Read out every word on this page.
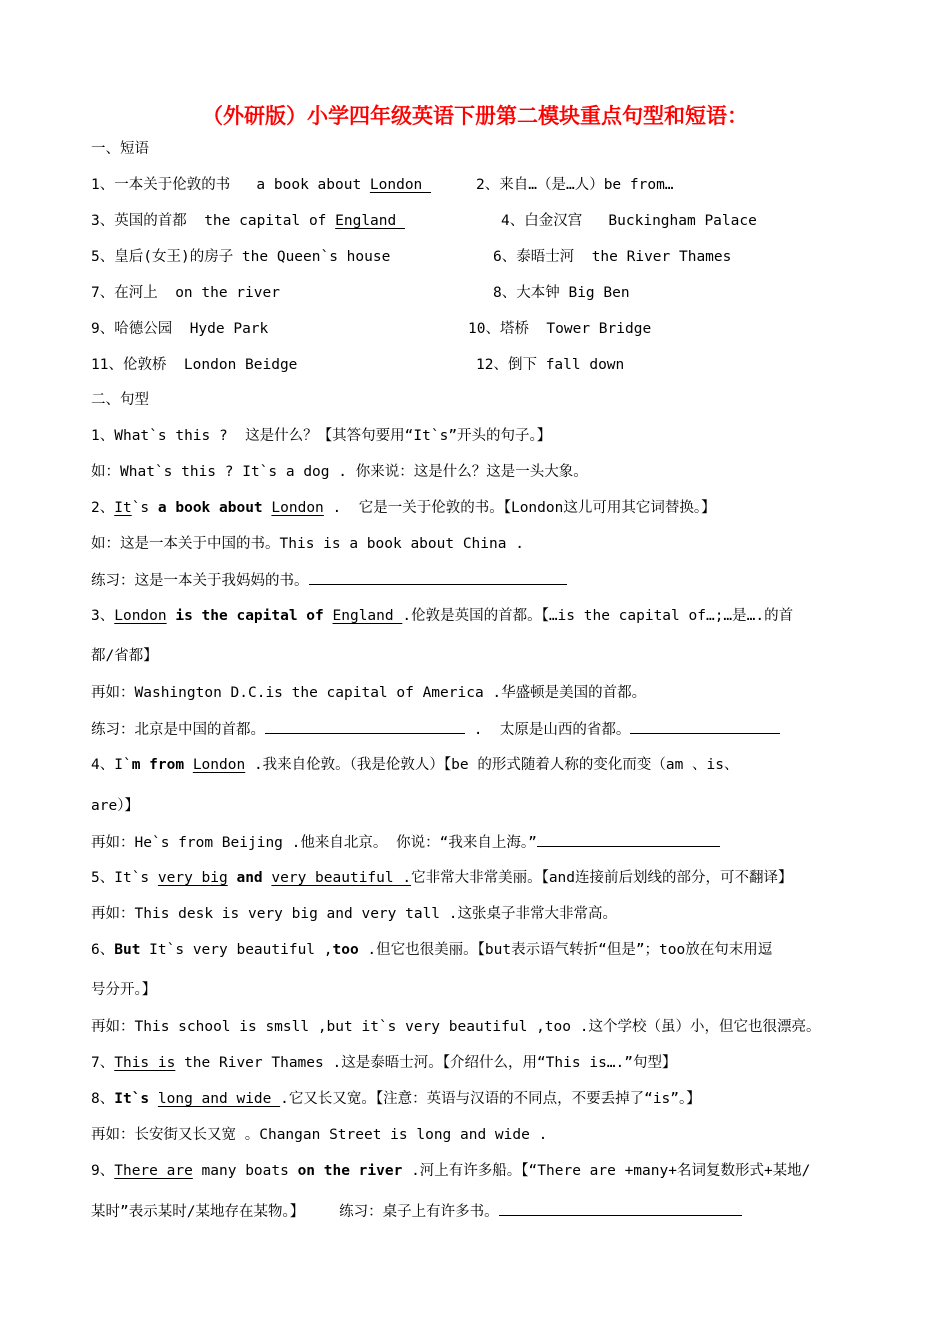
（外研版）小学四年级英语下册第二模块重点句型和短语：
一、短语
1、一本关于伦敦的书   a book about London	2、来自…（是…人）be from…
3、英国的首都  the capital of England	4、白金汉宫   Buckingham Palace
5、皇后(女王)的房子 the Queen`s house	6、泰晤士河  the River Thames
7、在河上  on the river	8、大本钟 Big Ben
9、哈德公园  Hyde Park	10、塔桥  Tower Bridge
11、伦敦桥  London Beidge	12、倒下 fall down
二、句型
1、What`s this ?  这是什么？【其答句要用“It`s”开头的句子。】
如：What`s this ? It`s a dog . 你来说：这是什么？这是一头大象。
2、It`s a book about London .  它是一关于伦敦的书。【London这儿可用其它词替换。】
如：这是一本关于中国的书。This is a book about China .
练习：这是一本关于我妈妈的书。
3、London is the capital of England .伦敦是英国的首都。【…is the capital of…;…是….的首
都/省都】
再如：Washington D.C.is the capital of America .华盛顿是美国的首都。
练习：北京是中国的首都。	.  太原是山西的省都。
4、I`m from London .我来自伦敦。（我是伦敦人）【be 的形式随着人称的变化而变（am 、is、
are）】
再如：He`s from Beijing .他来自北京。 你说：“我来自上海。”
5、It`s very big and very beautiful .它非常大非常美丽。【and连接前后划线的部分，可不翻译】
再如：This desk is very big and very tall .这张桌子非常大非常高。
6、But It`s very beautiful ,too .但它也很美丽。【but表示语气转折“但是”；too放在句末用逗
号分开。】
再如：This school is smsll ,but it`s very beautiful ,too .这个学校（虽）小，但它也很漂亮。
7、This is the River Thames .这是泰晤士河。【介绍什么，用“This is….”句型】
8、It`s long and wide .它又长又宽。【注意：英语与汉语的不同点，不要丢掉了“is”。】
再如：长安街又长又宽 。Changan Street is long and wide .
9、There are many boats on the river .河上有许多船。【“There are +many+名词复数形式+某地/
某时”表示某时/某地存在某物。】    练习：桌子上有许多书。
